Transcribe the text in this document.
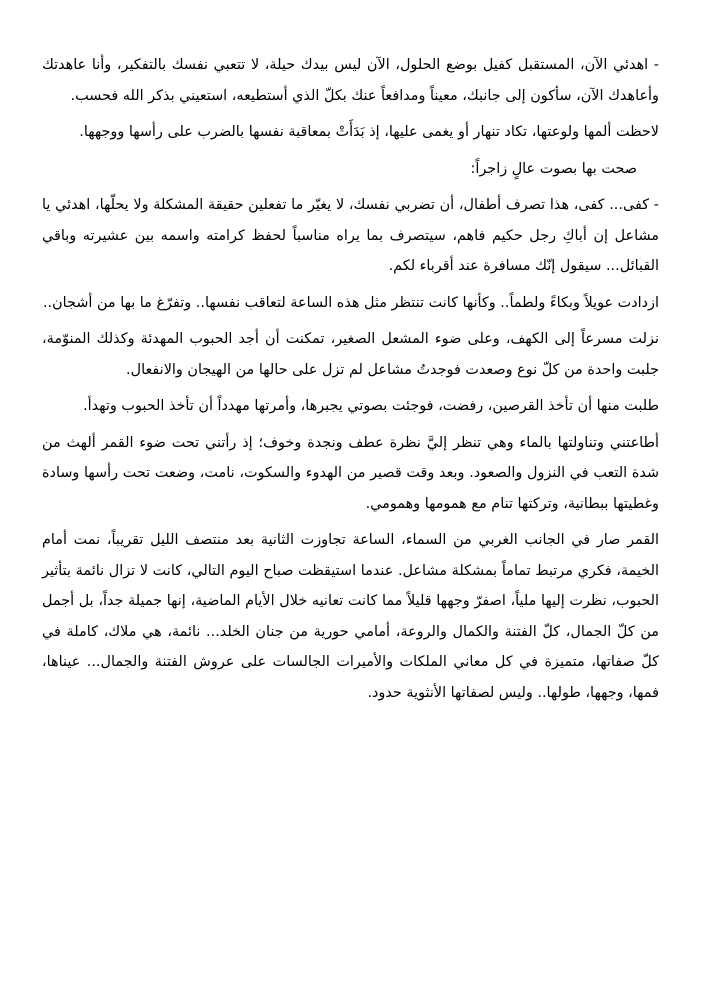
- اهدئي الآن، المستقبل كفيل بوضع الحلول، الآن ليس بيدك حيلة، لا تتعبي نفسك بالتفكير، وأنا عاهدتك وأعاهدك الآن، سأكون إلى جانبك، معيناً ومدافعاً عنك بكلّ الذي أستطيعه، استعيني بذكر الله فحسب.

لاحظت ألمها ولوعتها، تكاد تنهار أو يغمى عليها، إذ بَدَأَتْ بمعاقبة نفسها بالضرب على رأسها ووجهها.

صحت بها بصوت عالٍ زاجراً:

- كفى... كفى، هذا تصرف أطفال، أن تضربي نفسك، لا يغيّر ما تفعلين حقيقة المشكلة ولا يحلّها، اهدئي يا مشاعل إن أباكِ رجل حكيم فاهم، سيتصرف بما يراه مناسباً لحفظ كرامته واسمه بين عشيرته وباقي القبائل... سيقول إنّك مسافرة عند أقرباء لكم.

ازدادت عويلاً وبكاءً ولطماً.. وكأنها كانت تنتظر مثل هذه الساعة لتعاقب نفسها.. وتفرّغ ما بها من أشجان..

نزلت مسرعاً إلى الكهف، وعلى ضوء المشعل الصغير، تمكنت أن أجد الحبوب المهدئة وكذلك المنوّمة، جلبت واحدة من كلّ نوع وصعدت فوجدتُ مشاعل لم تزل على حالها من الهيجان والانفعال.

طلبت منها أن تأخذ القرصين، رفضت، فوجئت بصوتي يجبرها، وأمرتها مهدداً أن تأخذ الحبوب وتهدأ.

أطاعتني وتناولتها بالماء وهي تنظر إليَّ نظرة عطف ونجدة وخوف؛ إذ رأتني تحت ضوء القمر ألهث من شدة التعب في النزول والصعود. وبعد وقت قصير من الهدوء والسكوت، نامت، وضعت تحت رأسها وسادة وغطيتها ببطانية، وتركتها تنام مع همومها وهمومي.

القمر صار في الجانب الغربي من السماء، الساعة تجاوزت الثانية بعد منتصف الليل تقريباً، نمت أمام الخيمة، فكري مرتبط تماماً بمشكلة مشاعل. عندما استيقظت صباح اليوم التالي، كانت لا تزال نائمة بتأثير الحبوب، نظرت إليها ملياً، اصفرّ وجهها قليلاً مما كانت تعانيه خلال الأيام الماضية، إنها جميلة جداً، بل أجمل من كلّ الجمال، كلّ الفتنة والكمال والروعة، أمامي حورية من جنان الخلد... نائمة، هي ملاك، كاملة في كلّ صفاتها، متميزة في كل معاني الملكات والأميرات الجالسات على عروش الفتنة والجمال... عيناها، فمها، وجهها، طولها.. وليس لصفاتها الأنثوية حدود.
